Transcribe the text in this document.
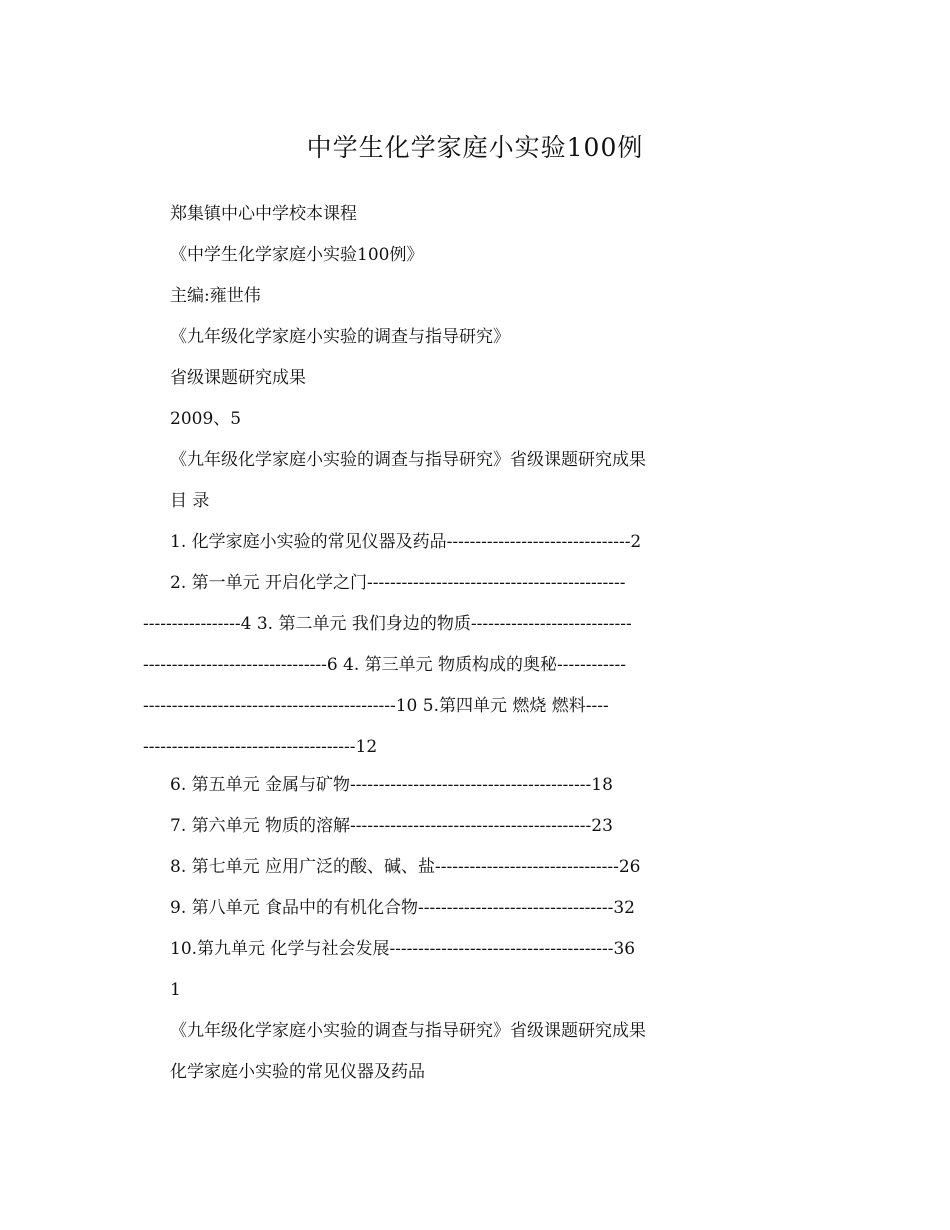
中学生化学家庭小实验100例
郑集镇中心中学校本课程
《中学生化学家庭小实验100例》
主编:雍世伟
《九年级化学家庭小实验的调查与指导研究》
省级课题研究成果
2009、5
《九年级化学家庭小实验的调查与指导研究》省级课题研究成果
目 录
1. 化学家庭小实验的常见仪器及药品--------------------------------2
2. 第一单元 开启化学之门---------------------------------------------
-----------------4 3. 第二单元 我们身边的物质----------------------------
--------------------------------6 4. 第三单元 物质构成的奥秘------------
--------------------------------------------10 5.第四单元 燃烧 燃料----
-------------------------------------12
6. 第五单元 金属与矿物------------------------------------------18
7. 第六单元 物质的溶解------------------------------------------23
8. 第七单元 应用广泛的酸、碱、盐--------------------------------26
9. 第八单元 食品中的有机化合物----------------------------------32
10.第九单元 化学与社会发展---------------------------------------36
1
《九年级化学家庭小实验的调查与指导研究》省级课题研究成果
化学家庭小实验的常见仪器及药品
